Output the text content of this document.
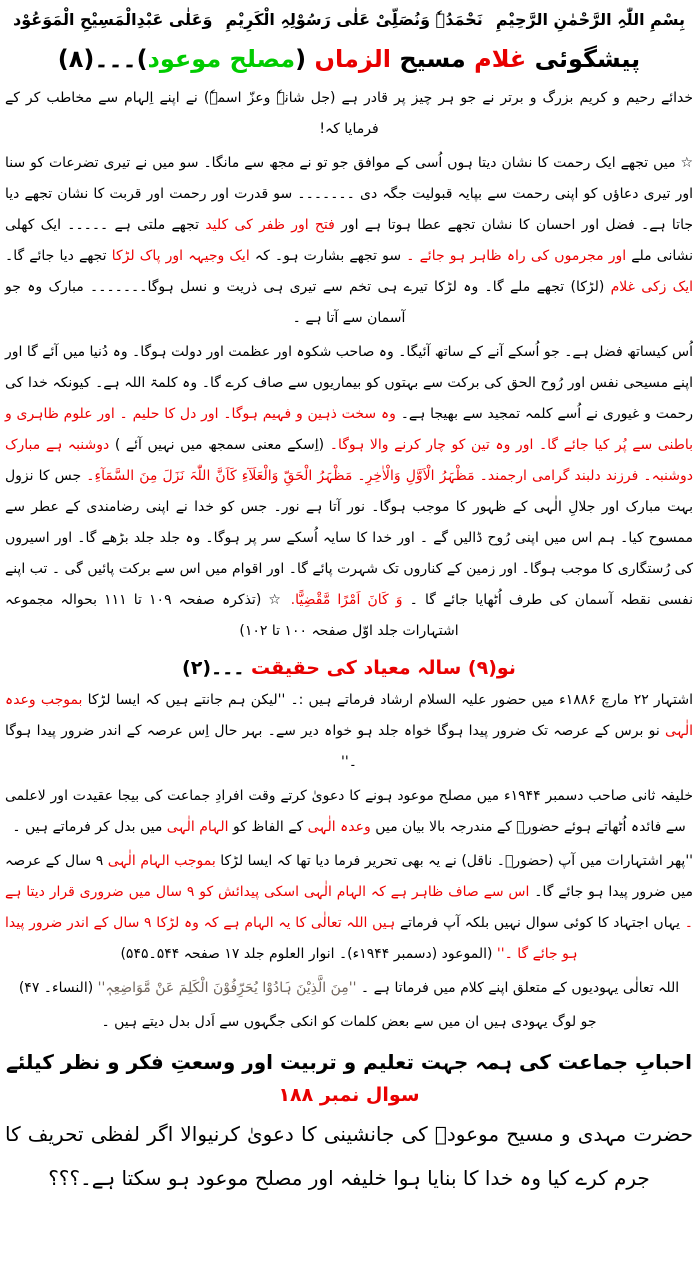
بِسْمِ اللّٰہِ الرَّحْمٰنِ الرَّحِیْمِ
نَحْمَدُہٗ وَنُصَلِّیْ عَلٰی رَسُوْلِہِ الْکَرِیْمِ
وَعَلٰی عَبْدِالْمَسِیْحِ الْمَوَعُوْد
پیشگوئی غلام مسیح الزماں (مصلح موعود)۔۔۔(۸)
خدائے رحیم و کریم بزرگ و برتر نے جو ہر چیز پر قادر ہے (جل شانہٗ وعزّ اسمہٗ) نے اپنے اِلہام سے مخاطب کر کے فرمایا کہ!
☆ میں تجھے ایک رحمت کا نشان دیتا ہوں اُسی کے موافق جو تو نے مجھ سے مانگا۔ سو میں نے تیری تضرعات کو سنا اور تیری دعاؤں کو اپنی رحمت سے بپایہ قبولیت جگہ دی ۔۔۔۔۔۔۔ سو قدرت اور رحمت اور قربت کا نشان تجھے دیا جاتا ہے۔ فضل اور احسان کا نشان تجھے عطا ہوتا ہے اور فتح اور ظفر کی کلید تجھے ملتی ہے ۔۔۔۔۔ ایک کھلی نشانی ملے اور مجرموں کی راہ ظاہر ہو جائے ۔ سو تجھے بشارت ہو۔ کہ ایک وجیہہ اور پاک لڑکا تجھے دیا جائے گا۔ ایک زکی غلام (لڑکا) تجھے ملے گا۔ وہ لڑکا تیرے ہی تخم سے تیری ہی ذریت و نسل ہوگا۔۔۔۔۔۔۔ مبارک وہ جو آسمان سے آتا ہے ۔
اُس کیساتھ فضل ہے۔ جو اُسکے آنے کے ساتھ آئیگا۔ وہ صاحب شکوہ اور عظمت اور دولت ہوگا۔ وہ دُنیا میں آئے گا اور اپنے مسیحی نفس اور رُوح الحق کی برکت سے بہتوں کو بیماریوں سے صاف کرے گا۔ وہ کلمۃ اللہ ہے۔ کیونکہ خدا کی رحمت و غیوری نے اُسے کلمہ تمجید سے بھیجا ہے۔ وہ سخت ذہین و فہیم ہوگا۔ اور دل کا حلیم ۔ اور علوم ظاہری و باطنی سے پُر کیا جائے گا۔ اور وہ تین کو چار کرنے والا ہوگا۔ (اِسکے معنی سمجھ میں نہیں آئے ) دوشنبہ ہے مبارک دوشنبہ۔ فرزند دلبند گرامی ارجمند۔ مَظْہَرُ الْاَوَّلِ وَالْاٰخِرِ۔ مَظْہَرُ الْحَقِّ وَالْعَلَآءِ کَاَنَّ اللّٰہَ نَزَلَ مِنَ السَّمَآءِ۔ جس کا نزول بہت مبارک اور جلالِ الٰہی کے ظہور کا موجب ہوگا۔ نور آتا ہے نور۔ جس کو خدا نے اپنی رضامندی کے عطر سے ممسوح کیا۔ ہم اس میں اپنی رُوح ڈالیں گے ۔ اور خدا کا سایہ اُسکے سر پر ہوگا۔ وہ جلد جلد بڑھے گا۔ اور اسیروں کی رُستگاری کا موجب ہوگا۔ اور زمین کے کناروں تک شہرت پائے گا۔ اور اقوام میں اس سے برکت پائیں گی ۔ تب اپنے نفسی نقطہ آسمان کی طرف اُٹھایا جائے گا ۔ وَ کَانَ اَمْرًا مَّقْضِیًّا. ☆ (تذکرہ صفحہ ۱۰۹ تا ۱۱۱ بحوالہ مجموعہ اشتہارات جلد اوّل صفحہ ۱۰۰ تا ۱۰۲)
نو(۹) سالہ معیاد کی حقیقت ۔۔۔(۲)
اشتہار ۲۲ مارچ ۱۸۸۶ء میں حضور علیہ السلام ارشاد فرماتے ہیں :۔ ''لیکن ہم جانتے ہیں کہ ایسا لڑکا بموجب وعدہ الٰہی نو برس کے عرصہ تک ضرور پیدا ہوگا خواہ جلد ہو خواہ دیر سے۔ بہر حال اِس عرصہ کے اندر ضرور پیدا ہوگا ۔''
خلیفہ ثانی صاحب دسمبر ۱۹۴۴ء میں مصلح موعود ہونے کا دعویٰ کرتے وقت افرادِ جماعت کی بیجا عقیدت اور لاعلمی سے فائدہ اُٹھاتے ہوئے حضورؑ کے مندرجہ بالا بیان میں وعدہ الٰہی کے الفاظ کو الہام الٰہی میں بدل کر فرماتے ہیں ۔
''پھر اشتہارات میں آپ (حضورؑ۔ ناقل) نے یہ بھی تحریر فرما دیا تھا کہ ایسا لڑکا بموجب الہام الٰہی ۹ سال کے عرصہ میں ضرور پیدا ہو جائے گا۔ اس سے صاف ظاہر ہے کہ الہام الٰہی اسکی پیدائش کو ۹ سال میں ضروری قرار دیتا ہے ۔ یہاں اجتہاد کا کوئی سوال نہیں بلکہ آپ فرماتے ہیں اللہ تعالٰی کا یہ الہام ہے کہ وہ لڑکا ۹ سال کے اندر ضرور پیدا ہو جائے گا ۔'' (الموعود (دسمبر ۱۹۴۴ء)۔ انوار العلوم جلد ۱۷ صفحہ ۵۴۴۔۵۴۵)
اللہ تعالٰی یہودیوں کے متعلق اپنے کلام میں فرماتا ہے ۔ ''مِنَ الَّذِیْنَ ہَادُوْا یُحَرِّفُوْنَ الْکَلِمَ عَنْ مَّوَاضِعِہٖ'' (النساء۔ ۴۷)
جو لوگ یہودی ہیں ان میں سے بعض کلمات کو انکی جگہوں سے اَدل بدل دیتے ہیں ۔
احبابِ جماعت کی ہمہ جہت تعلیم و تربیت اور وسعتِ فکر و نظر کیلئے
سوال نمبر ۱۸۸
حضرت مہدی و مسیح موعودؑ کی جانشینی کا دعویٰ کرنیوالا اگر لفظی تحریف کا جرم کرے کیا وہ خدا کا بنایا ہوا خلیفہ اور مصلح موعود ہو سکتا ہے۔؟؟؟
